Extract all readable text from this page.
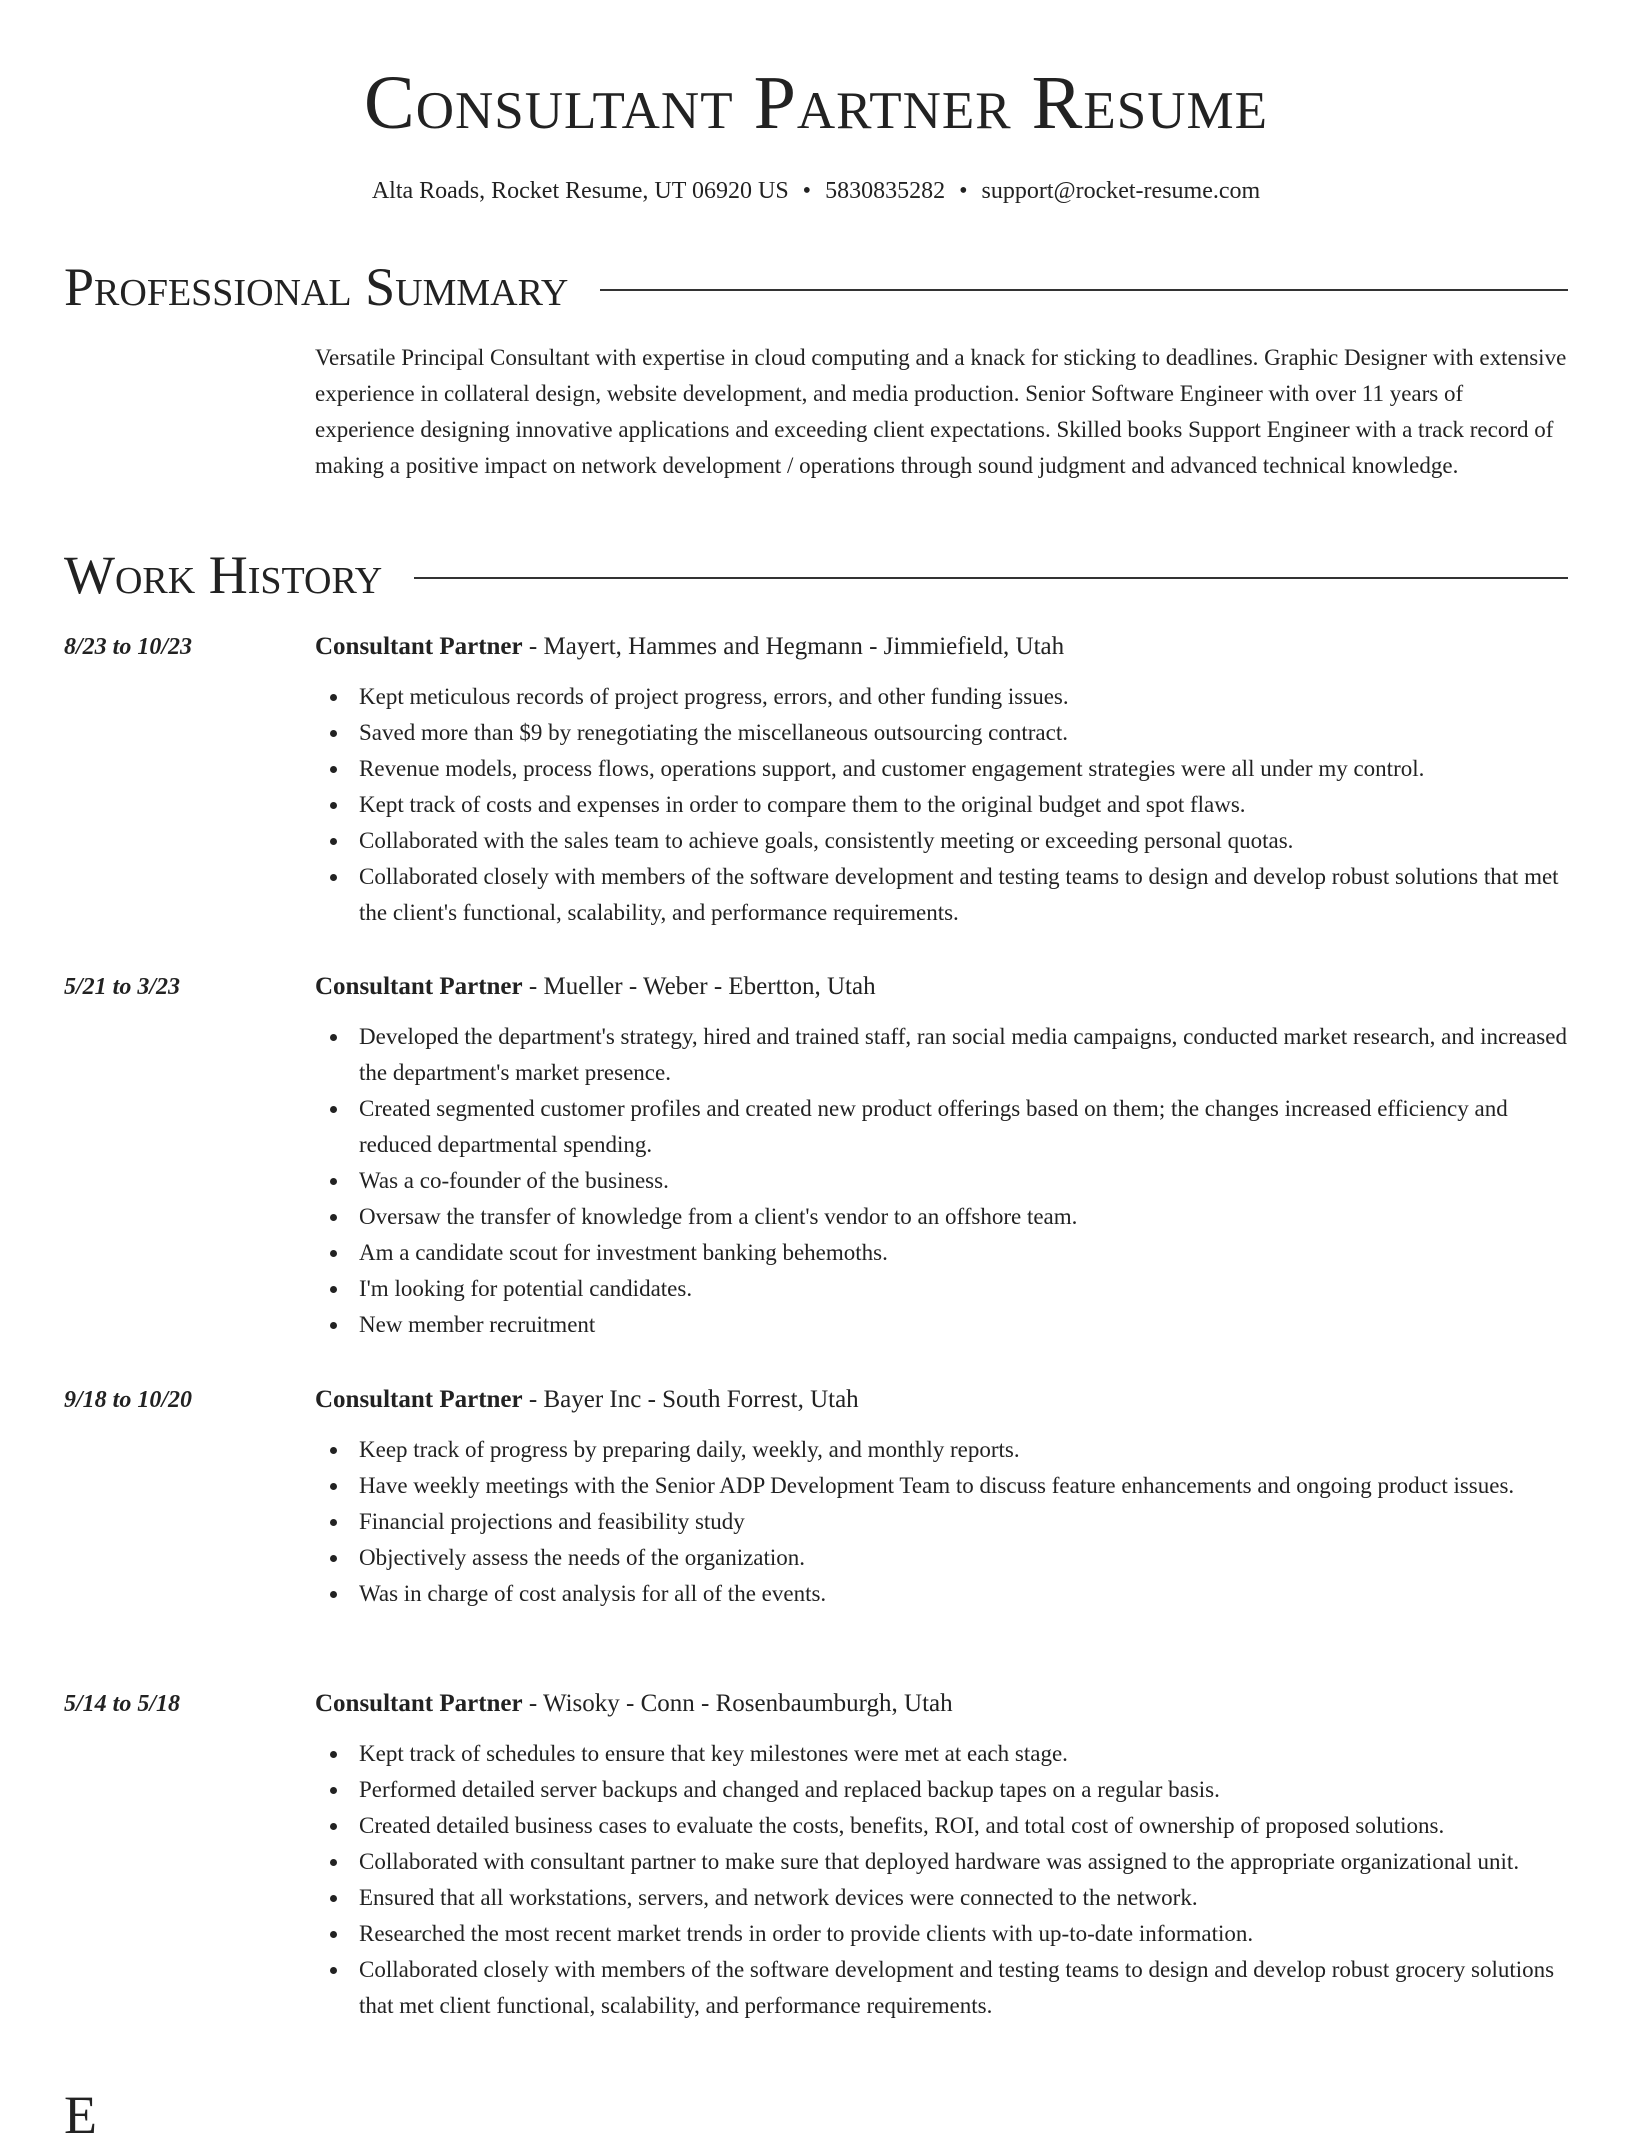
Consultant Partner Resume
Alta Roads, Rocket Resume, UT 06920 US • 5830835282 • support@rocket-resume.com
Professional Summary

Versatile Principal Consultant with expertise in cloud computing and a knack for sticking to deadlines. Graphic Designer with extensive experience in collateral design, website development, and media production. Senior Software Engineer with over 11 years of experience designing innovative applications and exceeding client expectations. Skilled books Support Engineer with a track record of making a positive impact on network development / operations through sound judgment and advanced technical knowledge.

Work History
8/23 to 10/23	Consultant Partner - Mayert, Hammes and Hegmann - Jimmiefield, Utah
Kept meticulous records of project progress, errors, and other funding issues.
Saved more than $9 by renegotiating the miscellaneous outsourcing contract.
Revenue models, process flows, operations support, and customer engagement strategies were all under my control.
Kept track of costs and expenses in order to compare them to the original budget and spot flaws.
Collaborated with the sales team to achieve goals, consistently meeting or exceeding personal quotas.
Collaborated closely with members of the software development and testing teams to design and develop robust solutions that met the client's functional, scalability, and performance requirements.
5/21 to 3/23	Consultant Partner - Mueller - Weber - Ebertton, Utah
Developed the department's strategy, hired and trained staff, ran social media campaigns, conducted market research, and increased the department's market presence.
Created segmented customer profiles and created new product offerings based on them; the changes increased efficiency and reduced departmental spending.
Was a co-founder of the business.
Oversaw the transfer of knowledge from a client's vendor to an offshore team.
Am a candidate scout for investment banking behemoths.
I'm looking for potential candidates.
New member recruitment
9/18 to 10/20	Consultant Partner - Bayer Inc - South Forrest, Utah
Keep track of progress by preparing daily, weekly, and monthly reports.
Have weekly meetings with the Senior ADP Development Team to discuss feature enhancements and ongoing product issues.
Financial projections and feasibility study
Objectively assess the needs of the organization.
Was in charge of cost analysis for all of the events.
5/14 to 5/18	Consultant Partner - Wisoky - Conn - Rosenbaumburgh, Utah
Kept track of schedules to ensure that key milestones were met at each stage.
Performed detailed server backups and changed and replaced backup tapes on a regular basis.
Created detailed business cases to evaluate the costs, benefits, ROI, and total cost of ownership of proposed solutions.
Collaborated with consultant partner to make sure that deployed hardware was assigned to the appropriate organizational unit.
Ensured that all workstations, servers, and network devices were connected to the network.
Researched the most recent market trends in order to provide clients with up-to-date information.
Collaborated closely with members of the software development and testing teams to design and develop robust grocery solutions that met client functional, scalability, and performance requirements.
E
